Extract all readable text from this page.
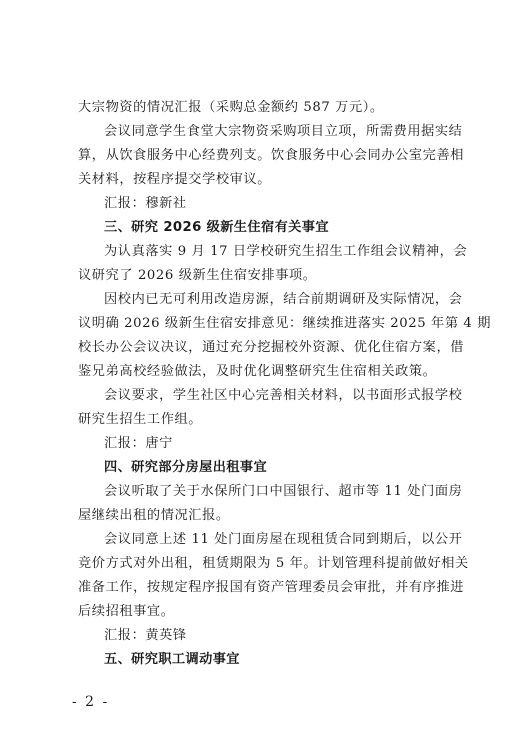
大宗物资的情况汇报（采购总金额约 587 万元）。
会议同意学生食堂大宗物资采购项目立项，所需费用据实结
算，从饮食服务中心经费列支。饮食服务中心会同办公室完善相
关材料，按程序提交学校审议。
汇报：穆新社
三、研究 2026 级新生住宿有关事宜
为认真落实 9 月 17 日学校研究生招生工作组会议精神，会
议研究了 2026 级新生住宿安排事项。
因校内已无可利用改造房源，结合前期调研及实际情况，会
议明确 2026 级新生住宿安排意见：继续推进落实 2025 年第 4 期
校长办公会议决议，通过充分挖掘校外资源、优化住宿方案，借
鉴兄弟高校经验做法，及时优化调整研究生住宿相关政策。
会议要求，学生社区中心完善相关材料，以书面形式报学校
研究生招生工作组。
汇报：唐宁
四、研究部分房屋出租事宜
会议听取了关于水保所门口中国银行、超市等 11 处门面房
屋继续出租的情况汇报。
会议同意上述 11 处门面房屋在现租赁合同到期后，以公开
竞价方式对外出租，租赁期限为 5 年。计划管理科提前做好相关
准备工作，按规定程序报国有资产管理委员会审批，并有序推进
后续招租事宜。
汇报：黄英锋
五、研究职工调动事宜
- 2 -
